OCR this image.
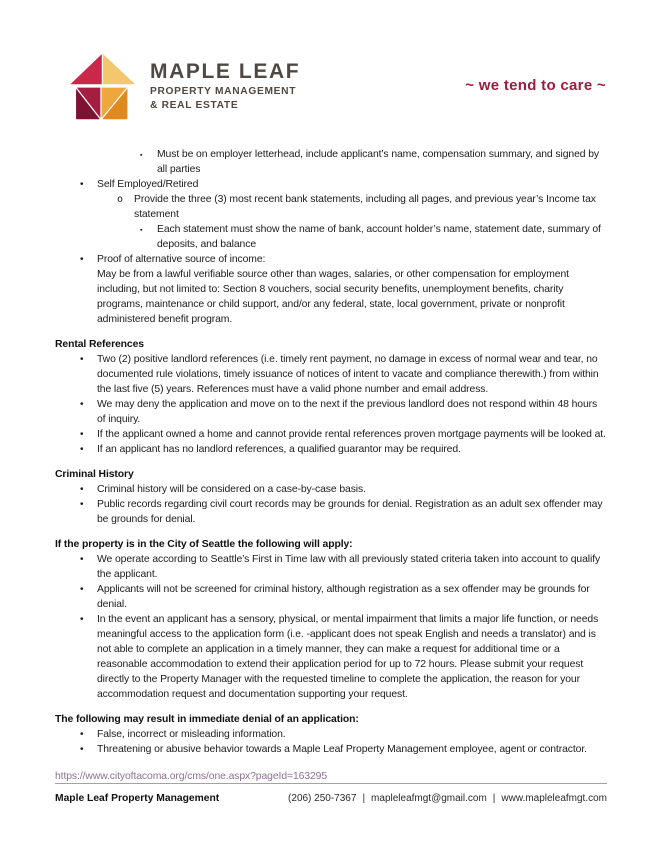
MAPLE LEAF
PROPERTY MANAGEMENT
& REAL ESTATE
~ we tend to care ~
▪	Must be on employer letterhead, include applicant’s name, compensation summary, and signed by all parties
•	Self Employed/Retired
o	Provide the three (3) most recent bank statements, including all pages, and previous year’s Income tax statement
▪	Each statement must show the name of bank, account holder’s name, statement date, summary of deposits, and balance
•	Proof of alternative source of income:
May be from a lawful verifiable source other than wages, salaries, or other compensation for employment including, but not limited to: Section 8 vouchers, social security benefits, unemployment benefits, charity programs, maintenance or child support, and/or any federal, state, local government, private or nonprofit administered benefit program.
Rental References
•	Two (2) positive landlord references (i.e. timely rent payment, no damage in excess of normal wear and tear, no documented rule violations, timely issuance of notices of intent to vacate and compliance therewith.) from within the last five (5) years. References must have a valid phone number and email address.
•	We may deny the application and move on to the next if the previous landlord does not respond within 48 hours of inquiry.
•	If the applicant owned a home and cannot provide rental references proven mortgage payments will be looked at.
•	If an applicant has no landlord references, a qualified guarantor may be required.
Criminal History
•	Criminal history will be considered on a case-by-case basis.
•	Public records regarding civil court records may be grounds for denial. Registration as an adult sex offender may be grounds for denial.
If the property is in the City of Seattle the following will apply:
•	We operate according to Seattle’s First in Time law with all previously stated criteria taken into account to qualify the applicant.
•	Applicants will not be screened for criminal history, although registration as a sex offender may be grounds for denial.
•	In the event an applicant has a sensory, physical, or mental impairment that limits a major life function, or needs meaningful access to the application form (i.e. -applicant does not speak English and needs a translator) and is not able to complete an application in a timely manner, they can make a request for additional time or a reasonable accommodation to extend their application period for up to 72 hours. Please submit your request directly to the Property Manager with the requested timeline to complete the application, the reason for your accommodation request and documentation supporting your request.
The following may result in immediate denial of an application:
•	False, incorrect or misleading information.
•	Threatening or abusive behavior towards a Maple Leaf Property Management employee, agent or contractor.
https://www.cityoftacoma.org/cms/one.aspx?pageId=163295
Maple Leaf Property Management	(206) 250-7367 | mapleleafmgt@gmail.com | www.mapleleafmgt.com
